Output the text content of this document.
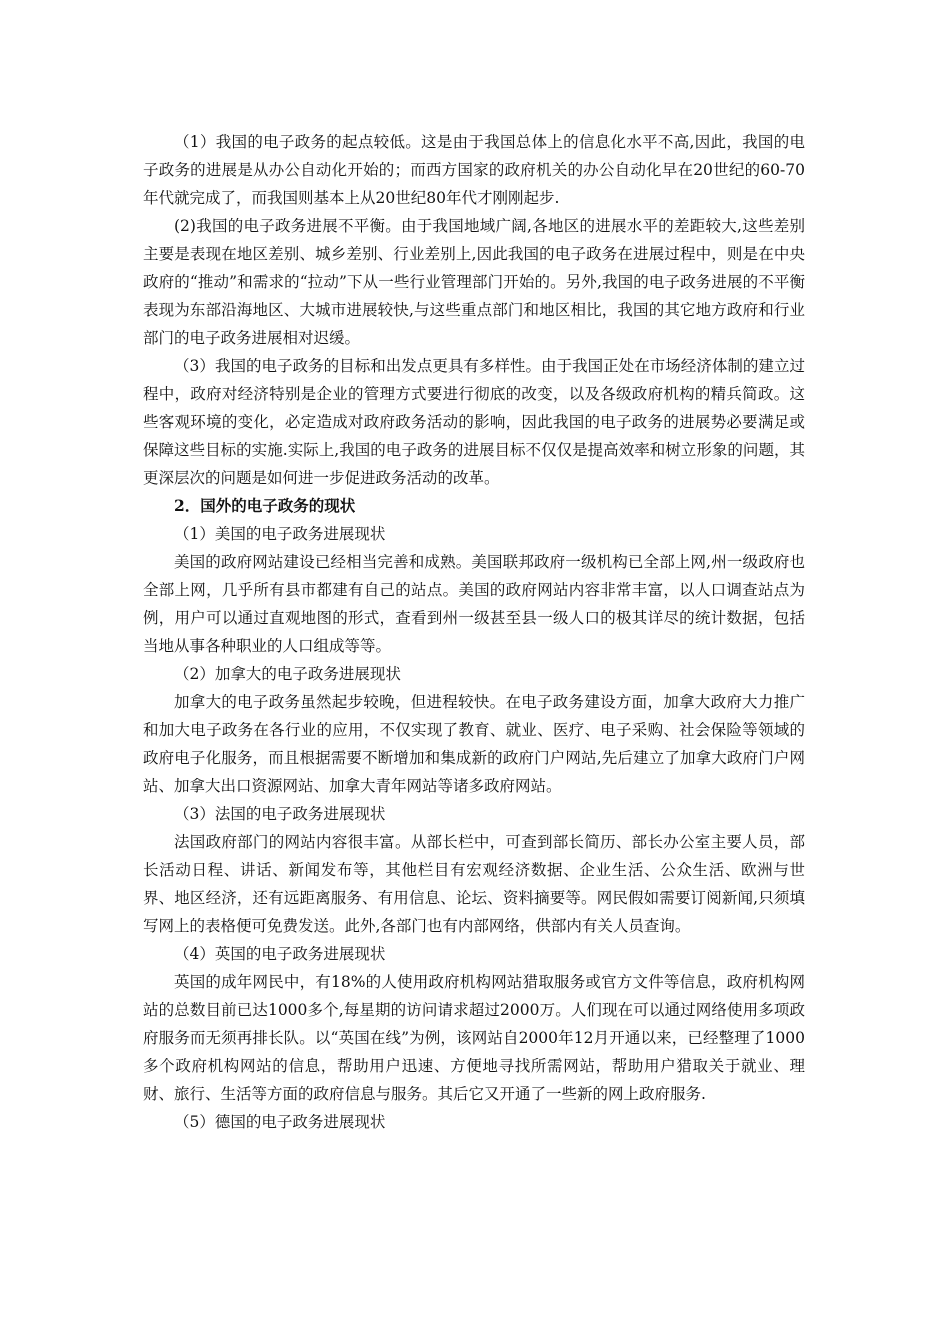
（1）我国的电子政务的起点较低。这是由于我国总体上的信息化水平不高,因此，我国的电子政务的进展是从办公自动化开始的；而西方国家的政府机关的办公自动化早在20世纪的60-70年代就完成了，而我国则基本上从20世纪80年代才刚刚起步.

(2)我国的电子政务进展不平衡。由于我国地域广阔,各地区的进展水平的差距较大,这些差别主要是表现在地区差别、城乡差别、行业差别上,因此我国的电子政务在进展过程中，则是在中央政府的“推动”和需求的“拉动”下从一些行业管理部门开始的。另外,我国的电子政务进展的不平衡表现为东部沿海地区、大城市进展较快,与这些重点部门和地区相比，我国的其它地方政府和行业部门的电子政务进展相对迟缓。

（3）我国的电子政务的目标和出发点更具有多样性。由于我国正处在市场经济体制的建立过程中，政府对经济特别是企业的管理方式要进行彻底的改变，以及各级政府机构的精兵简政。这些客观环境的变化，必定造成对政府政务活动的影响，因此我国的电子政务的进展势必要满足或保障这些目标的实施.实际上,我国的电子政务的进展目标不仅仅是提高效率和树立形象的问题，其更深层次的问题是如何进一步促进政务活动的改革。

2．国外的电子政务的现状

（1）美国的电子政务进展现状

美国的政府网站建设已经相当完善和成熟。美国联邦政府一级机构已全部上网,州一级政府也全部上网，几乎所有县市都建有自己的站点。美国的政府网站内容非常丰富，以人口调查站点为例，用户可以通过直观地图的形式，查看到州一级甚至县一级人口的极其详尽的统计数据，包括当地从事各种职业的人口组成等等。

（2）加拿大的电子政务进展现状

加拿大的电子政务虽然起步较晚，但进程较快。在电子政务建设方面，加拿大政府大力推广和加大电子政务在各行业的应用，不仅实现了教育、就业、医疗、电子采购、社会保险等领域的政府电子化服务，而且根据需要不断增加和集成新的政府门户网站,先后建立了加拿大政府门户网站、加拿大出口资源网站、加拿大青年网站等诸多政府网站。

（3）法国的电子政务进展现状

法国政府部门的网站内容很丰富。从部长栏中，可查到部长简历、部长办公室主要人员，部长活动日程、讲话、新闻发布等，其他栏目有宏观经济数据、企业生活、公众生活、欧洲与世界、地区经济，还有远距离服务、有用信息、论坛、资料摘要等。网民假如需要订阅新闻,只须填写网上的表格便可免费发送。此外,各部门也有内部网络，供部内有关人员查询。

（4）英国的电子政务进展现状

英国的成年网民中，有18%的人使用政府机构网站猎取服务或官方文件等信息，政府机构网站的总数目前已达1000多个,每星期的访问请求超过2000万。人们现在可以通过网络使用多项政府服务而无须再排长队。以“英国在线”为例，该网站自2000年12月开通以来，已经整理了1000多个政府机构网站的信息，帮助用户迅速、方便地寻找所需网站，帮助用户猎取关于就业、理财、旅行、生活等方面的政府信息与服务。其后它又开通了一些新的网上政府服务.

（5）德国的电子政务进展现状
